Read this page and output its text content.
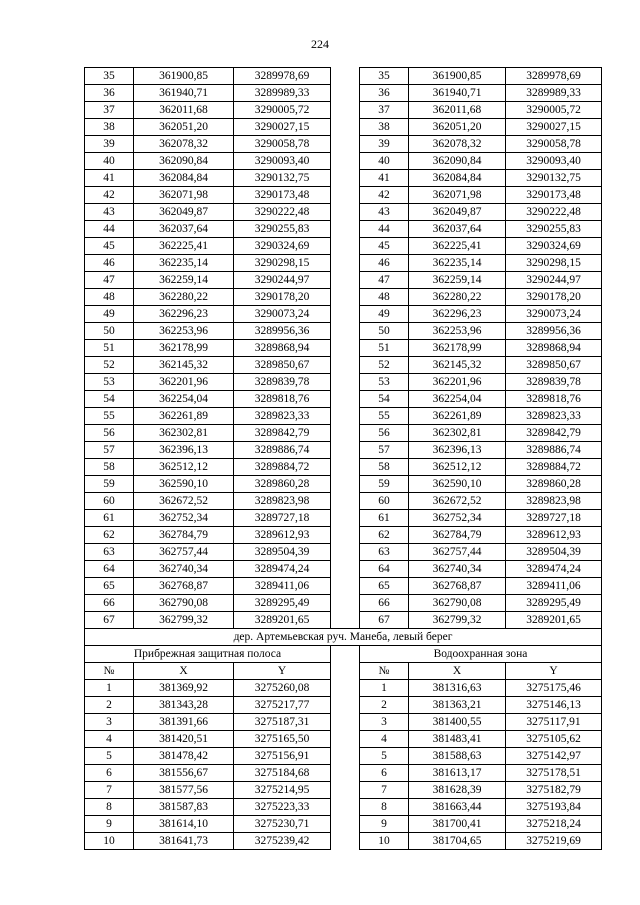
224
35	361900,85	3289978,69		35	361900,85	3289978,69
36	361940,71	3289989,33		36	361940,71	3289989,33
37	362011,68	3290005,72		37	362011,68	3290005,72
38	362051,20	3290027,15		38	362051,20	3290027,15
39	362078,32	3290058,78		39	362078,32	3290058,78
40	362090,84	3290093,40		40	362090,84	3290093,40
41	362084,84	3290132,75		41	362084,84	3290132,75
42	362071,98	3290173,48		42	362071,98	3290173,48
43	362049,87	3290222,48		43	362049,87	3290222,48
44	362037,64	3290255,83		44	362037,64	3290255,83
45	362225,41	3290324,69		45	362225,41	3290324,69
46	362235,14	3290298,15		46	362235,14	3290298,15
47	362259,14	3290244,97		47	362259,14	3290244,97
48	362280,22	3290178,20		48	362280,22	3290178,20
49	362296,23	3290073,24		49	362296,23	3290073,24
50	362253,96	3289956,36		50	362253,96	3289956,36
51	362178,99	3289868,94		51	362178,99	3289868,94
52	362145,32	3289850,67		52	362145,32	3289850,67
53	362201,96	3289839,78		53	362201,96	3289839,78
54	362254,04	3289818,76		54	362254,04	3289818,76
55	362261,89	3289823,33		55	362261,89	3289823,33
56	362302,81	3289842,79		56	362302,81	3289842,79
57	362396,13	3289886,74		57	362396,13	3289886,74
58	362512,12	3289884,72		58	362512,12	3289884,72
59	362590,10	3289860,28		59	362590,10	3289860,28
60	362672,52	3289823,98		60	362672,52	3289823,98
61	362752,34	3289727,18		61	362752,34	3289727,18
62	362784,79	3289612,93		62	362784,79	3289612,93
63	362757,44	3289504,39		63	362757,44	3289504,39
64	362740,34	3289474,24		64	362740,34	3289474,24
65	362768,87	3289411,06		65	362768,87	3289411,06
66	362790,08	3289295,49		66	362790,08	3289295,49
67	362799,32	3289201,65		67	362799,32	3289201,65
дер. Артемьевская руч. Манеба, левый берег						
Прибрежная защитная полоса				Водоохранная зона		
№	X	Y		№	X	Y
1	381369,92	3275260,08		1	381316,63	3275175,46
2	381343,28	3275217,77		2	381363,21	3275146,13
3	381391,66	3275187,31		3	381400,55	3275117,91
4	381420,51	3275165,50		4	381483,41	3275105,62
5	381478,42	3275156,91		5	381588,63	3275142,97
6	381556,67	3275184,68		6	381613,17	3275178,51
7	381577,56	3275214,95		7	381628,39	3275182,79
8	381587,83	3275223,33		8	381663,44	3275193,84
9	381614,10	3275230,71		9	381700,41	3275218,24
10	381641,73	3275239,42		10	381704,65	3275219,69
